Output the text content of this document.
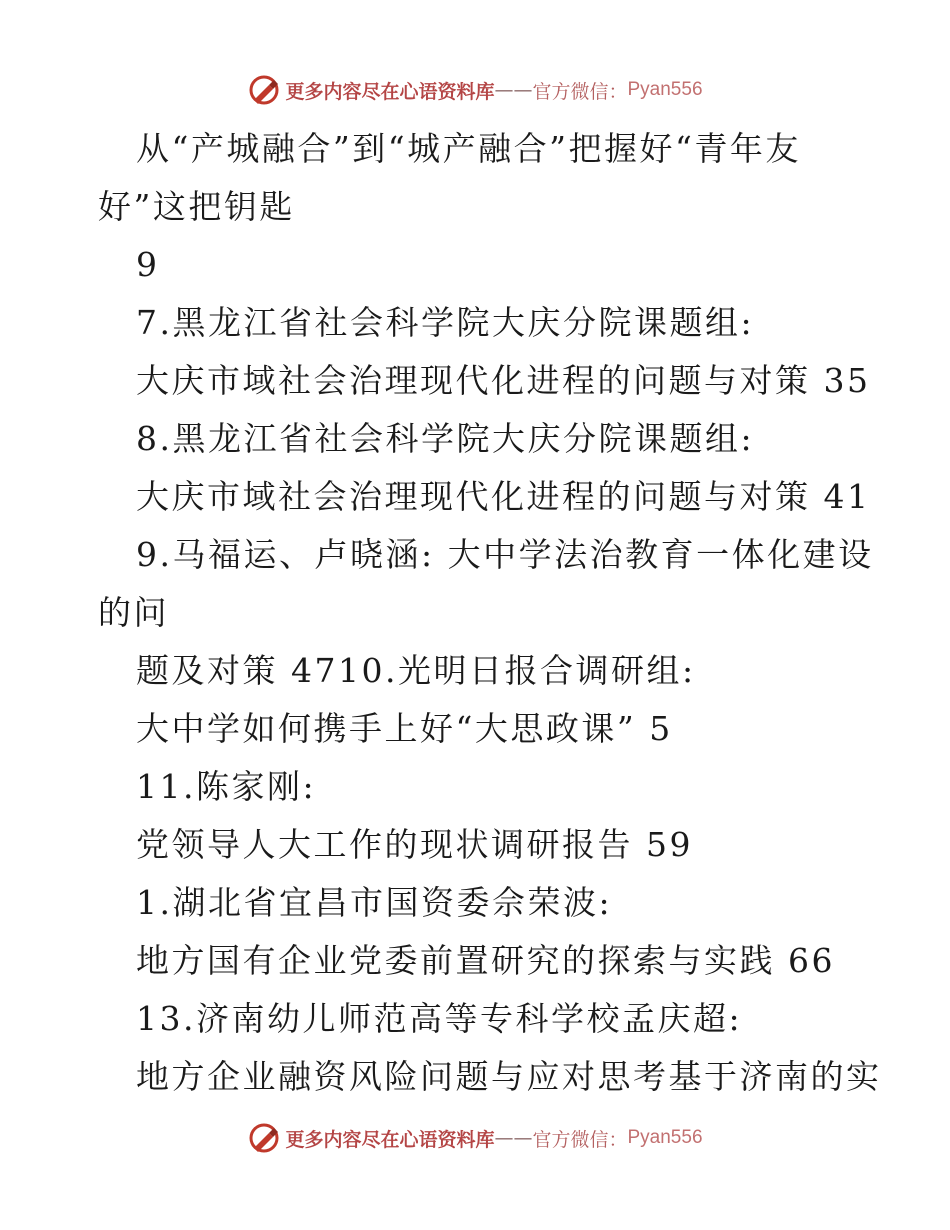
更多内容尽在心语资料库 —— 官方微信： Pyan556
从“产城融合”到“城产融合”把握好“青年友
好”这把钥匙
9
7.黑龙江省社会科学院大庆分院课题组:
大庆市域社会治理现代化进程的问题与对策 35
8.黑龙江省社会科学院大庆分院课题组:
大庆市域社会治理现代化进程的问题与对策 41
9.马福运、卢晓涵: 大中学法治教育一体化建设
的问
题及对策 4710.光明日报合调研组:
大中学如何携手上好“大思政课” 5
11.陈家刚:
党领导人大工作的现状调研报告 59
1.湖北省宜昌市国资委佘荣波:
地方国有企业党委前置研究的探索与实践 66
13.济南幼儿师范高等专科学校孟庆超:
地方企业融资风险问题与应对思考基于济南的实
更多内容尽在心语资料库 —— 官方微信： Pyan556
